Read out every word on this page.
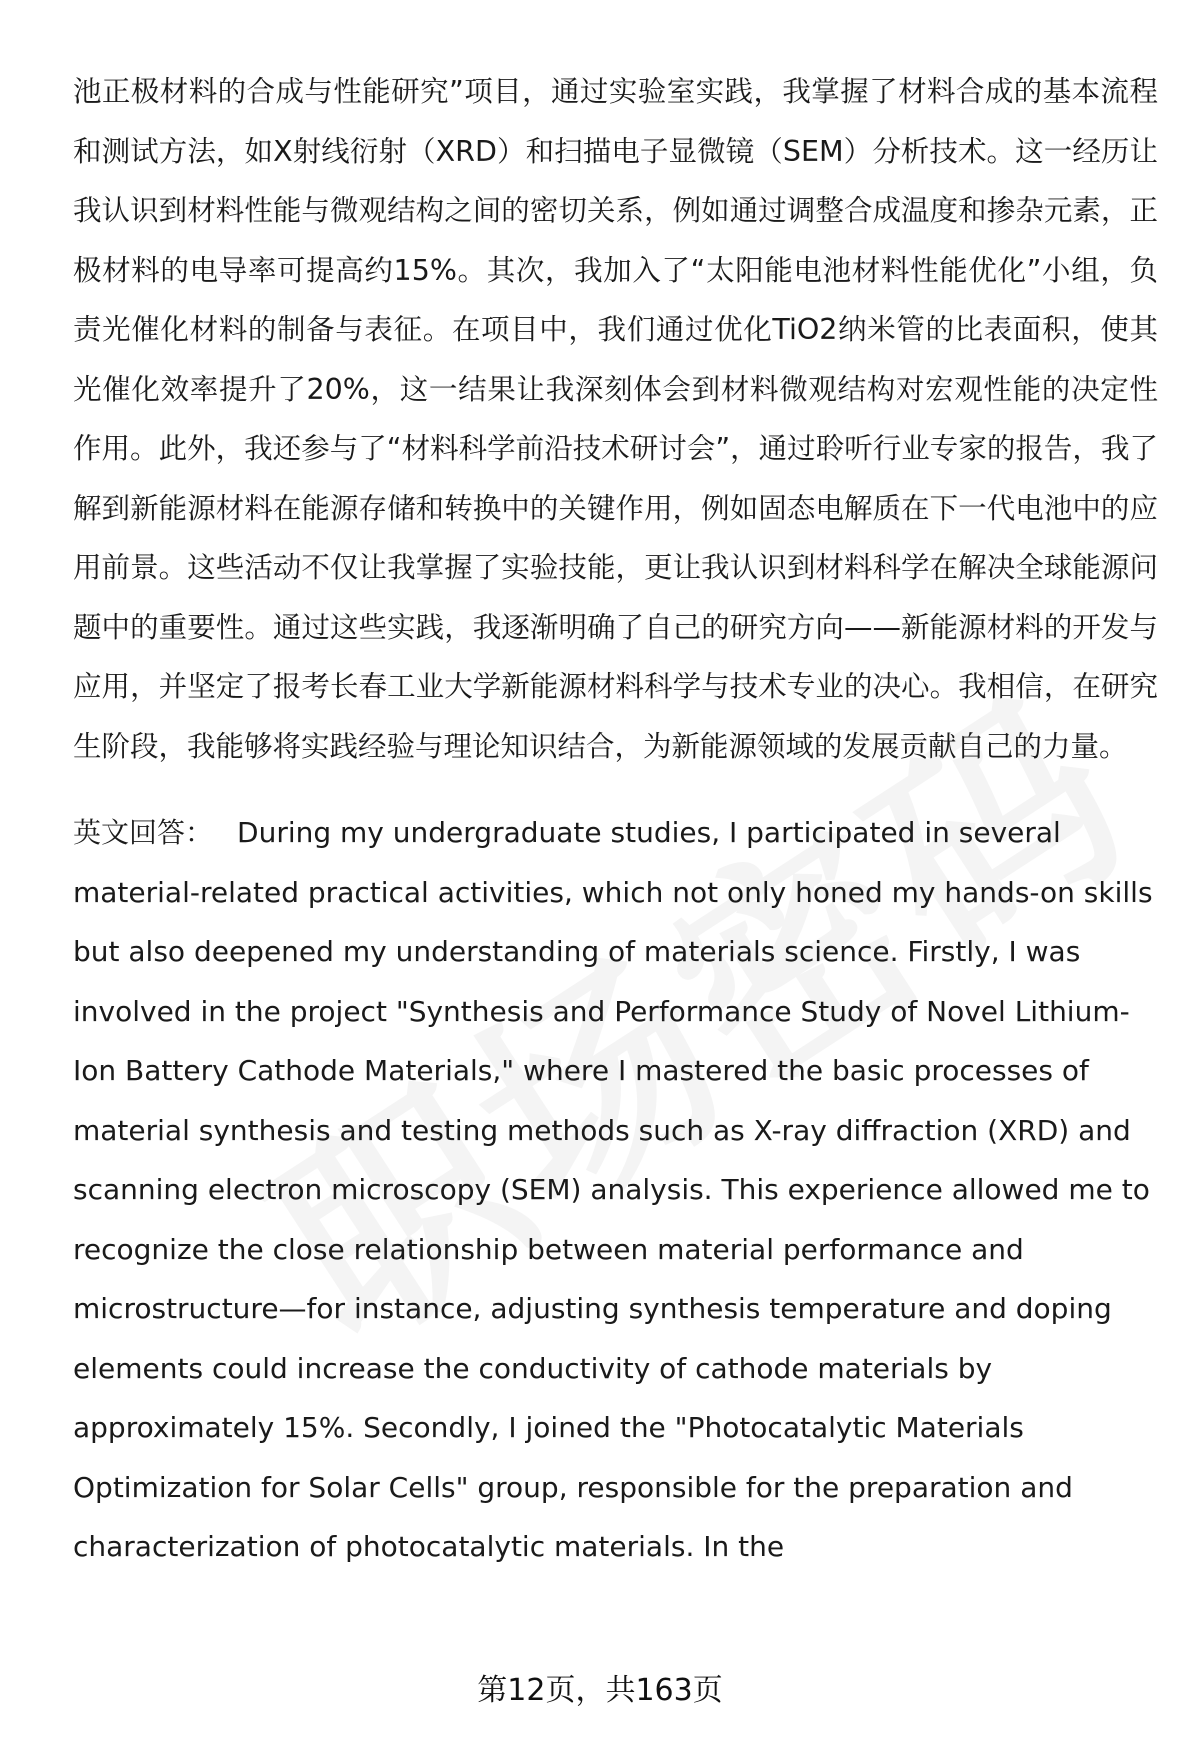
池正极材料的合成与性能研究”项目，通过实验室实践，我掌握了材料合成的基本流程和测试方法，如X射线衍射（XRD）和扫描电子显微镜（SEM）分析技术。这一经历让我认识到材料性能与微观结构之间的密切关系，例如通过调整合成温度和掺杂元素，正极材料的电导率可提高约15%。其次，我加入了“太阳能电池材料性能优化”小组，负责光催化材料的制备与表征。在项目中，我们通过优化TiO2纳米管的比表面积，使其光催化效率提升了20%，这一结果让我深刻体会到材料微观结构对宏观性能的决定性作用。此外，我还参与了“材料科学前沿技术研讨会”，通过聆听行业专家的报告，我了解到新能源材料在能源存储和转换中的关键作用，例如固态电解质在下一代电池中的应用前景。这些活动不仅让我掌握了实验技能，更让我认识到材料科学在解决全球能源问题中的重要性。通过这些实践，我逐渐明确了自己的研究方向——新能源材料的开发与应用，并坚定了报考长春工业大学新能源材料科学与技术专业的决心。我相信，在研究生阶段，我能够将实践经验与理论知识结合，为新能源领域的发展贡献自己的力量。

英文回答： During my undergraduate studies, I participated in several material-related practical activities, which not only honed my hands-on skills but also deepened my understanding of materials science. Firstly, I was involved in the project "Synthesis and Performance Study of Novel Lithium-Ion Battery Cathode Materials," where I mastered the basic processes of material synthesis and testing methods such as X-ray diffraction (XRD) and scanning electron microscopy (SEM) analysis. This experience allowed me to recognize the close relationship between material performance and microstructure—for instance, adjusting synthesis temperature and doping elements could increase the conductivity of cathode materials by approximately 15%. Secondly, I joined the "Photocatalytic Materials Optimization for Solar Cells" group, responsible for the preparation and characterization of photocatalytic materials. In the

第12页，共163页
